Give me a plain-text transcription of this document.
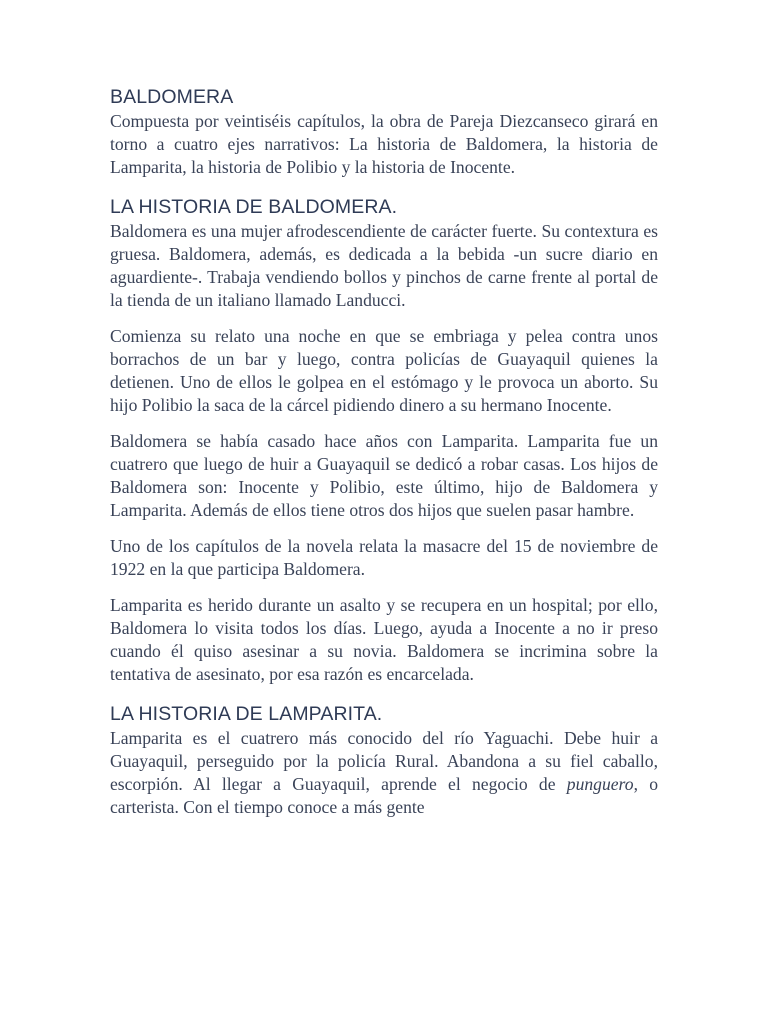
BALDOMERA

Compuesta por veintiséis capítulos, la obra de Pareja Diezcanseco girará en torno a cuatro ejes narrativos: La historia de Baldomera, la historia de Lamparita, la historia de Polibio y la historia de Inocente.

LA HISTORIA DE BALDOMERA.

Baldomera es una mujer afrodescendiente de carácter fuerte. Su contextura es gruesa. Baldomera, además, es dedicada a la bebida -un sucre diario en aguardiente-. Trabaja vendiendo bollos y pinchos de carne frente al portal de la tienda de un italiano llamado Landucci.

Comienza su relato una noche en que se embriaga y pelea contra unos borrachos de un bar y luego, contra policías de Guayaquil quienes la detienen. Uno de ellos le golpea en el estómago y le provoca un aborto. Su hijo Polibio la saca de la cárcel pidiendo dinero a su hermano Inocente.

Baldomera se había casado hace años con Lamparita. Lamparita fue un cuatrero que luego de huir a Guayaquil se dedicó a robar casas. Los hijos de Baldomera son: Inocente y Polibio, este último, hijo de Baldomera y Lamparita. Además de ellos tiene otros dos hijos que suelen pasar hambre.

Uno de los capítulos de la novela relata la masacre del 15 de noviembre de 1922 en la que participa Baldomera.

Lamparita es herido durante un asalto y se recupera en un hospital; por ello, Baldomera lo visita todos los días. Luego, ayuda a Inocente a no ir preso cuando él quiso asesinar a su novia. Baldomera se incrimina sobre la tentativa de asesinato, por esa razón es encarcelada.

LA HISTORIA DE LAMPARITA.

Lamparita es el cuatrero más conocido del río Yaguachi. Debe huir a Guayaquil, perseguido por la policía Rural. Abandona a su fiel caballo, escorpión. Al llegar a Guayaquil, aprende el negocio de punguero, o carterista. Con el tiempo conoce a más gente
